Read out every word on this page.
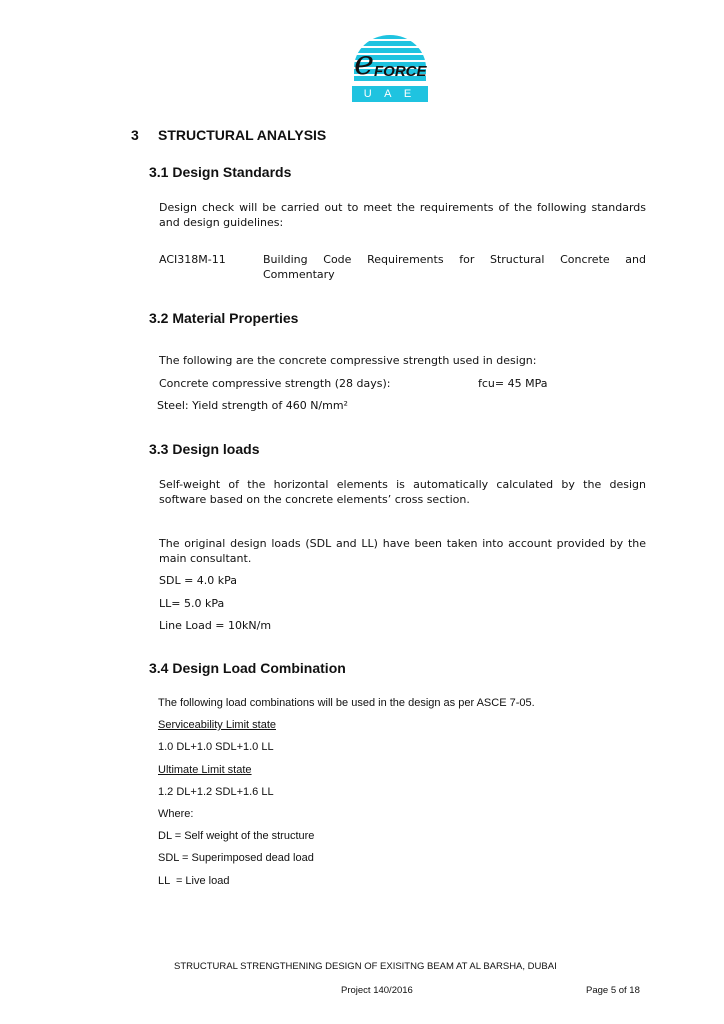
e FORCE
U A E
3 STRUCTURAL ANALYSIS
3.1 Design Standards
Design check will be carried out to meet the requirements of the following standards and design guidelines:
ACI318M-11	Building Code Requirements for Structural Concrete and Commentary
3.2 Material Properties
The following are the concrete compressive strength used in design:
Concrete compressive strength (28 days):	fcu= 45 MPa
Steel: Yield strength of 460 N/mm²
3.3 Design loads
Self-weight of the horizontal elements is automatically calculated by the design software based on the concrete elements’ cross section.
The original design loads (SDL and LL) have been taken into account provided by the main consultant.
SDL = 4.0 kPa
LL= 5.0 kPa
Line Load = 10kN/m
3.4 Design Load Combination
The following load combinations will be used in the design as per ASCE 7-05.
Serviceability Limit state
1.0 DL+1.0 SDL+1.0 LL
Ultimate Limit state
1.2 DL+1.2 SDL+1.6 LL
Where:
DL = Self weight of the structure
SDL = Superimposed dead load
LL  = Live load
STRUCTURAL STRENGTHENING DESIGN OF EXISITNG BEAM AT AL BARSHA, DUBAI
Project 140/2016	Page 5 of 18
